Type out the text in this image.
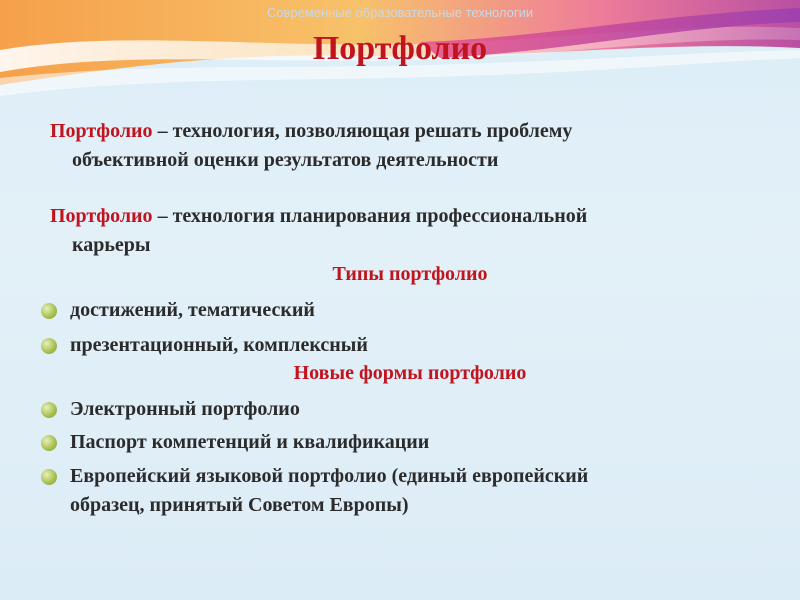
Современные образовательные технологии
Портфолио
Портфолио – технология, позволяющая решать проблему
объективной оценки результатов деятельности
Портфолио – технология планирования профессиональной
карьеры
Типы портфолио
достижений, тематический
презентационный, комплексный
Новые формы портфолио
Электронный портфолио
Паспорт компетенций и квалификации
Европейский языковой портфолио (единый европейский
образец, принятый Советом Европы)
